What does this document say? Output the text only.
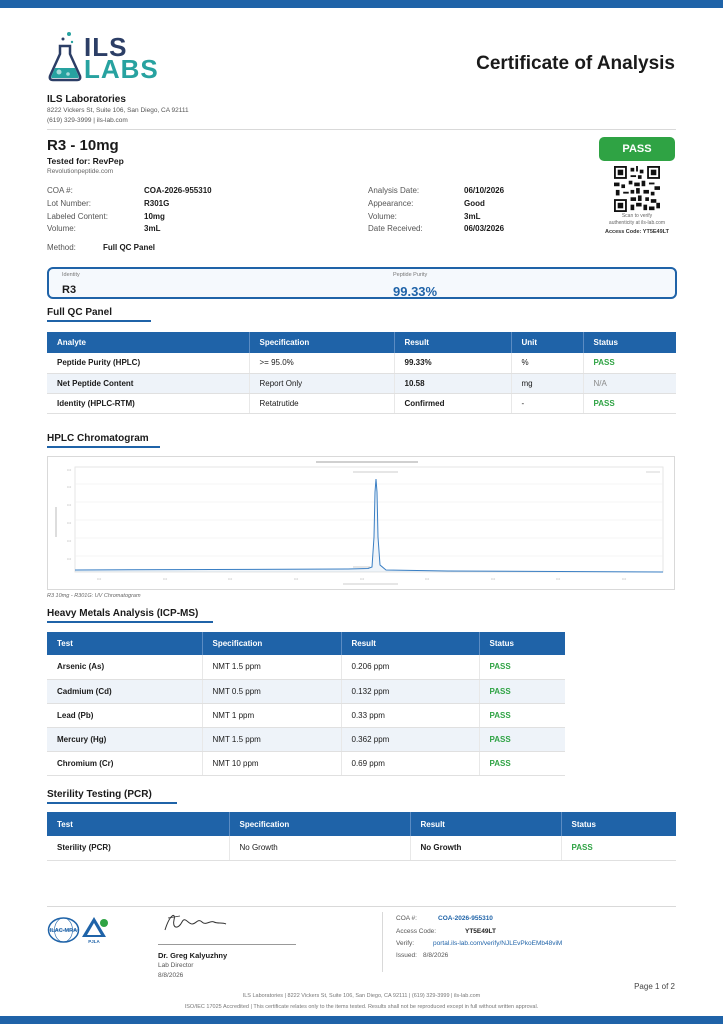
ILS
LABS	Certificate of Analysis
ILS Laboratories
8222 Vickers St, Suite 106, San Diego, CA 92111
(619) 329-3999 | ils-lab.com
R3 - 10mg
Tested for: RevPep
Revolutionpeptide.com
COA #:	COA-2026-955310
Lot Number:	R301G
Labeled Content:	10mg
Volume:	3mL
Analysis Date:	06/10/2026
Appearance:	Good
Volume:	3mL
Date Received:	06/03/2026
Method:	Full QC Panel
PASS
Scan to verify
authenticity at ils-lab.com
Access Code: YT5E49LT
Identity
R3
Peptide Purity
99.33%
Full QC Panel
Analyte	Specification	Result	Unit	Status
Peptide Purity (HPLC)	>= 95.0%	99.33%	%	PASS
Net Peptide Content	Report Only	10.58	mg	N/A
Identity (HPLC-RTM)	Retatrutide	Confirmed	-	PASS
HPLC Chromatogram
0.0	0.0	0.0	0.0	0.0	0.0	0.0	0.0	0.0
0.0
0.0
0.0
0.0
0.0
0.0
R3 10mg - R301G: UV Chromatogram
Heavy Metals Analysis (ICP-MS)
Test	Specification	Result	Status
Arsenic (As)	NMT 1.5 ppm	0.206 ppm	PASS
Cadmium (Cd)	NMT 0.5 ppm	0.132 ppm	PASS
Lead (Pb)	NMT 1 ppm	0.33 ppm	PASS
Mercury (Hg)	NMT 1.5 ppm	0.362 ppm	PASS
Chromium (Cr)	NMT 10 ppm	0.69 ppm	PASS
Sterility Testing (PCR)
Test	Specification	Result	Status
Sterility (PCR)	No Growth	No Growth	PASS
ILAC-MRA
PJLA
Dr. Greg Kalyuzhny
Lab Director
8/8/2026
COA #:	COA-2026-955310
Access Code:	YT5E49LT
Verify:	portal.ils-lab.com/verify/NJLEvPkoEMb48viM
Issued: 8/8/2026
Page 1 of 2
ILS Laboratories | 8222 Vickers St, Suite 106, San Diego, CA 92111 | (619) 329-3999 | ils-lab.com
ISO/IEC 17025 Accredited | This certificate relates only to the items tested. Results shall not be reproduced except in full without written approval.
